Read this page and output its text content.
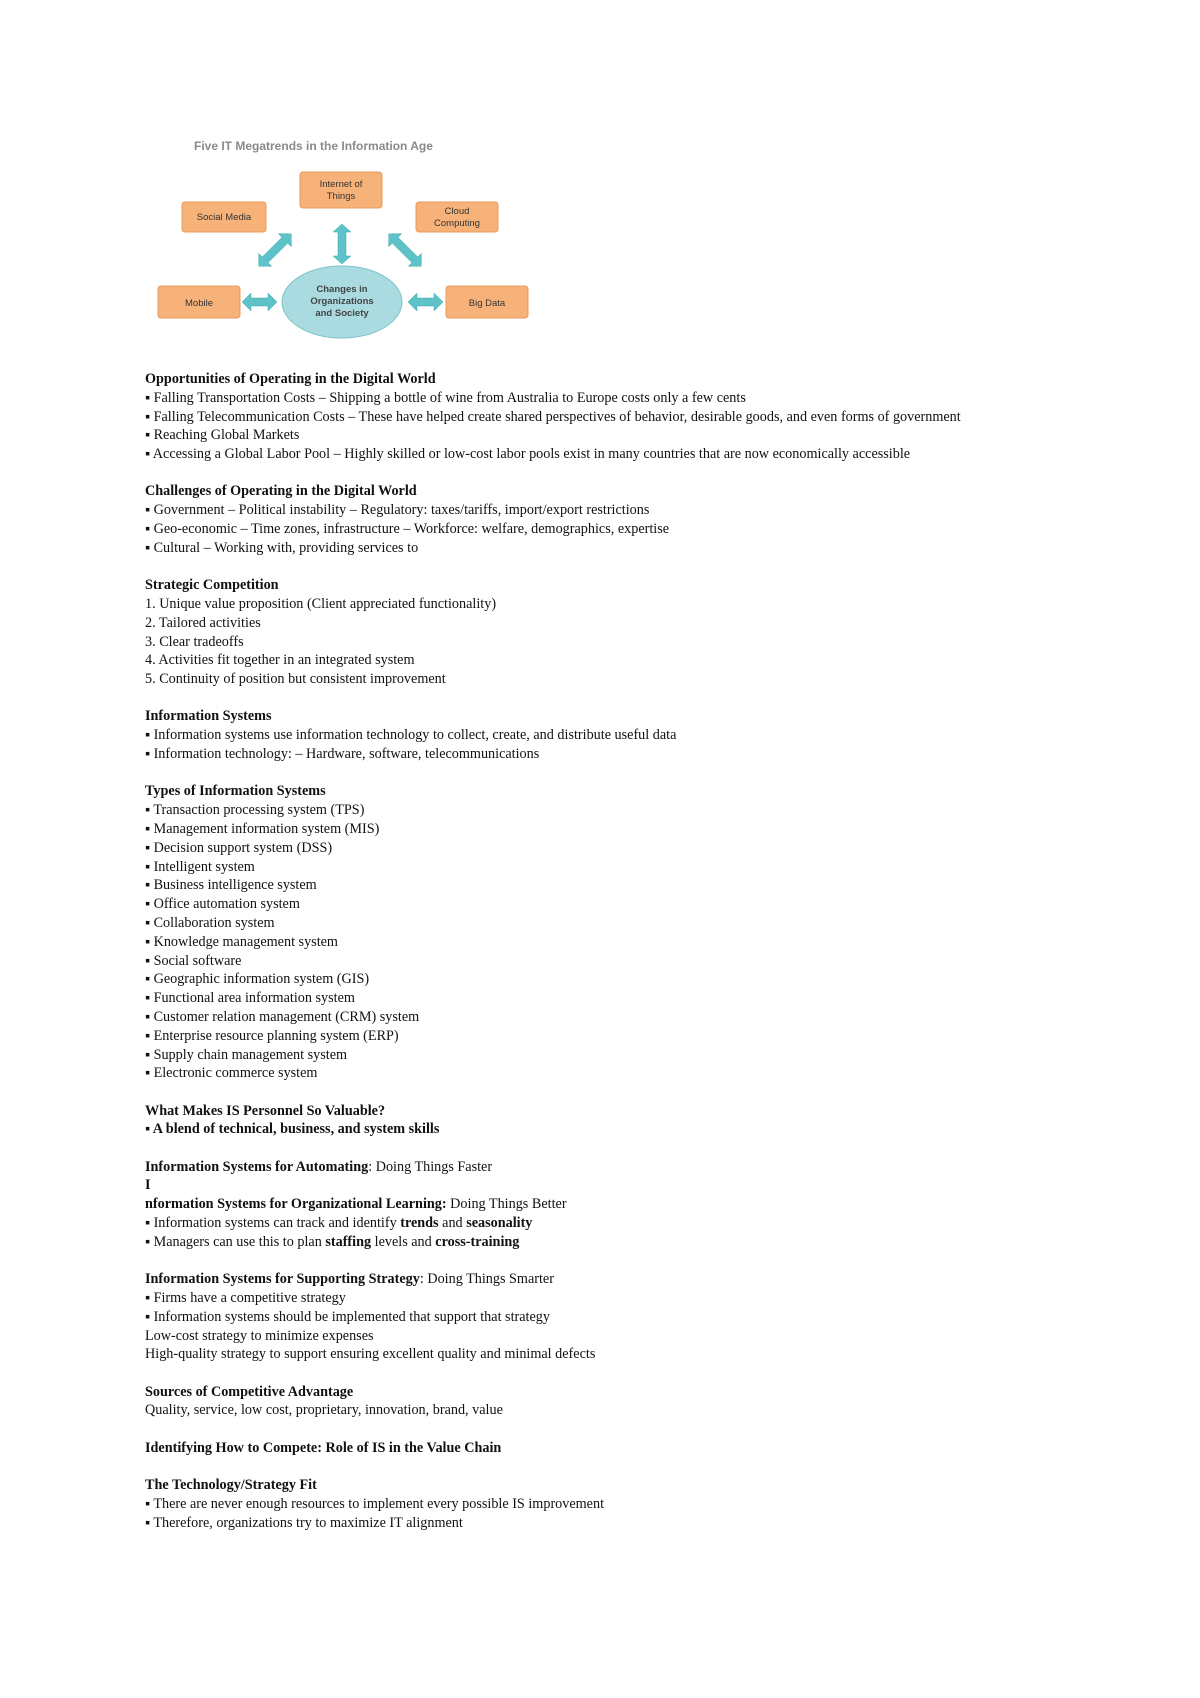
Internet of
Things
Social Media
Cloud
Computing
Mobile	Big Data
Changes in
Organizations
and Society

Five IT Megatrends in the Information Age

Opportunities of Operating in the Digital World

▪ Falling Transportation Costs – Shipping a bottle of wine from Australia to Europe costs only a few cents

▪ Falling Telecommunication Costs – These have helped create shared perspectives of behavior, desirable goods, and even forms of government

▪ Reaching Global Markets

▪ Accessing a Global Labor Pool – Highly skilled or low-cost labor pools exist in many countries that are now economically accessible

Challenges of Operating in the Digital World

▪ Government – Political instability – Regulatory: taxes/tariffs, import/export restrictions

▪ Geo-economic – Time zones, infrastructure – Workforce: welfare, demographics, expertise

▪ Cultural – Working with, providing services to

Strategic Competition

1. Unique value proposition (Client appreciated functionality)

2. Tailored activities

3. Clear tradeoffs

4. Activities fit together in an integrated system

5. Continuity of position but consistent improvement

Information Systems

▪ Information systems use information technology to collect, create, and distribute useful data

▪ Information technology: – Hardware, software, telecommunications

Types of Information Systems

▪ Transaction processing system (TPS)

▪ Management information system (MIS)

▪ Decision support system (DSS)

▪ Intelligent system

▪ Business intelligence system

▪ Office automation system

▪ Collaboration system

▪ Knowledge management system

▪ Social software

▪ Geographic information system (GIS)

▪ Functional area information system

▪ Customer relation management (CRM) system

▪ Enterprise resource planning system (ERP)

▪ Supply chain management system

▪ Electronic commerce system

What Makes IS Personnel So Valuable?

▪ A blend of technical, business, and system skills

Information Systems for Automating: Doing Things Faster

I

nformation Systems for Organizational Learning: Doing Things Better

▪ Information systems can track and identify trends and seasonality

▪ Managers can use this to plan staffing levels and cross-training

Information Systems for Supporting Strategy: Doing Things Smarter

▪ Firms have a competitive strategy

▪ Information systems should be implemented that support that strategy

Low-cost strategy to minimize expenses

High-quality strategy to support ensuring excellent quality and minimal defects

Sources of Competitive Advantage

Quality, service, low cost, proprietary, innovation, brand, value

Identifying How to Compete: Role of IS in the Value Chain

The Technology/Strategy Fit

▪ There are never enough resources to implement every possible IS improvement

▪ Therefore, organizations try to maximize IT alignment
